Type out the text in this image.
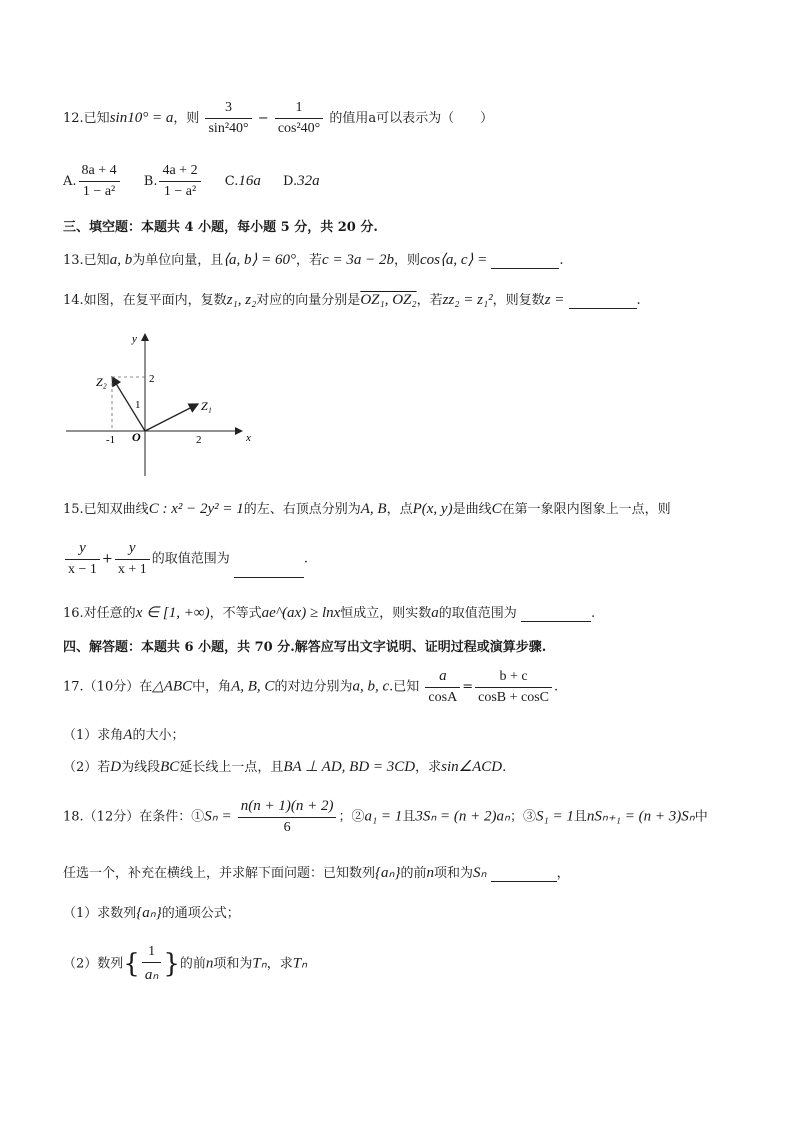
12.已知sin10° = a，则 $\frac{3}{\text{sin²40°}} - \frac{1}{\text{cos²40°}}$ 的值用a可以表示为（　　）
A. $\frac{8a + 4}{\text{1 − a²}} B$. $\frac{4a + 2}{\text{1 − a²}} C.16a$ D.32a
三、填空题：本题共 4 小题，每小题 5 分，共 20 分.
13.已知a, b为单位向量，且⟨a, b⟩ = 60°，若c = 3a − 2b，则cos⟨a, c⟩ =	.
14.如图，在复平面内，复数z₁, z₂对应的向量分别是OZ₁, OZ₂，若zz₂ = z₁²，则复数z =	.
x
y
O
-1	2
1
2
Z₁
Z₂
15.已知双曲线C : x² − 2y² = 1的左、右顶点分别为A, B，点P(x, y)是曲线C在第一象限内图象上一点，则
$\frac{y}{x - 1} + \frac{y}{x + 1}$ 的取值范围为	.
16.对任意的x ∈ [1, +∞)，不等式ae^(ax) ≥ lnx恒成立，则实数a的取值范围为	.
四、解答题：本题共 6 小题，共 70 分.解答应写出文字说明、证明过程或演算步骤.
17.（10分）在△ABC中，角A, B, C的对边分别为a, b, c.已知 $\frac{a}{\cos A} = \frac{b + c}{\cos B + \cos C}$ .
（1）求角A的大小；
（2）若D为线段BC延长线上一点，且BA ⊥ AD, BD = 3CD，求sin∠ACD.
18.（12分）在条件：①Sₙ = $\frac{n(n + 1)(n + 2)}{6}$ ；②a₁ = 1且3Sₙ = (n + 2)aₙ；③S₁ = 1且nSₙ₊₁ = (n + 3)Sₙ中
任选一个，补充在横线上，并求解下面问题：已知数列{aₙ}的前n项和为Sₙ	，
（1）求数列{aₙ}的通项公式；
（2）数列{ $\frac{1}{\text{aₙ}}$ }的前n项和为Tₙ，求Tₙ
